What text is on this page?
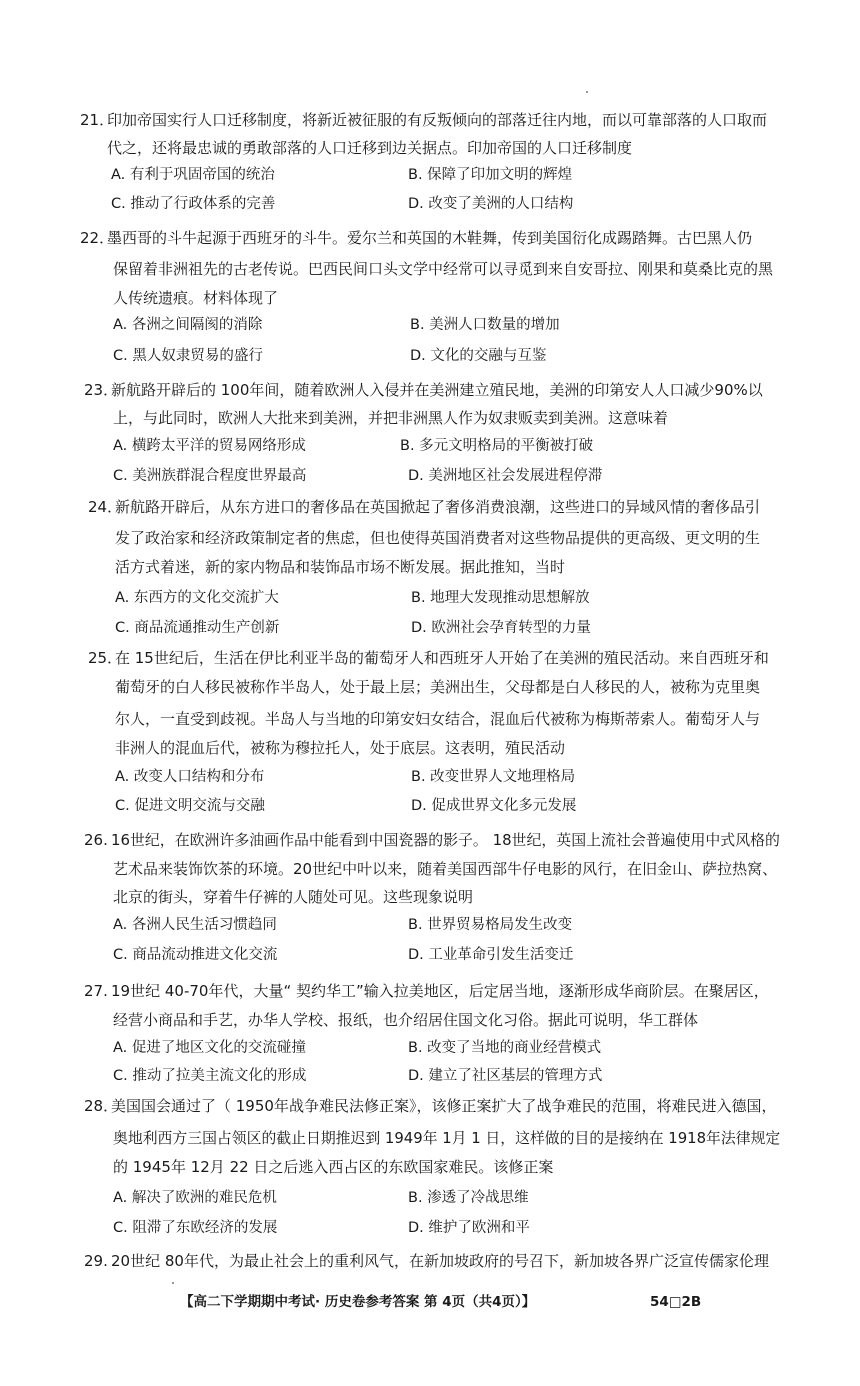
21．
印加帝国实行人口迁移制度，将新近被征服的有反叛倾向的部落迁往内地，而以可靠部落的人口取而
代之，还将最忠诚的勇敢部落的人口迁移到边关据点。印加帝国的人口迁移制度
A. 有利于巩固帝国的统治	B. 保障了印加文明的辉煌
C. 推动了行政体系的完善	D. 改变了美洲的人口结构
22．
墨西哥的斗牛起源于西班牙的斗牛。爱尔兰和英国的木鞋舞，传到美国衍化成踢踏舞。古巴黑人仍
保留着非洲祖先的古老传说。巴西民间口头文学中经常可以寻觅到来自安哥拉、刚果和莫桑比克的黑
人传统遗痕。材料体现了
A. 各洲之间隔阂的消除	B. 美洲人口数量的增加
C. 黑人奴隶贸易的盛行	D. 文化的交融与互鉴
23．
新航路开辟后的 100年间，随着欧洲人入侵并在美洲建立殖民地，美洲的印第安人人口减少90%以
上，与此同时，欧洲人大批来到美洲，并把非洲黑人作为奴隶贩卖到美洲。这意味着
A. 横跨太平洋的贸易网络形成	B. 多元文明格局的平衡被打破
C. 美洲族群混合程度世界最高	D. 美洲地区社会发展进程停滞
24．
新航路开辟后，从东方进口的奢侈品在英国掀起了奢侈消费浪潮，这些进口的异域风情的奢侈品引
发了政治家和经济政策制定者的焦虑，但也使得英国消费者对这些物品提供的更高级、更文明的生
活方式着迷，新的家内物品和装饰品市场不断发展。据此推知，当时
A. 东西方的文化交流扩大	B. 地理大发现推动思想解放
C. 商品流通推动生产创新	D. 欧洲社会孕育转型的力量
25．
在 15世纪后，生活在伊比利亚半岛的葡萄牙人和西班牙人开始了在美洲的殖民活动。来自西班牙和
葡萄牙的白人移民被称作半岛人，处于最上层；美洲出生，父母都是白人移民的人，被称为克里奥
尔人，一直受到歧视。半岛人与当地的印第安妇女结合，混血后代被称为梅斯蒂索人。葡萄牙人与
非洲人的混血后代，被称为穆拉托人，处于底层。这表明，殖民活动
A. 改变人口结构和分布	B. 改变世界人文地理格局
C. 促进文明交流与交融	D. 促成世界文化多元发展
26. 16世纪，在欧洲许多油画作品中能看到中国瓷器的影子。 18世纪，英国上流社会普遍使用中式风格的
艺术品来装饰饮茶的环境。20世纪中叶以来，随着美国西部牛仔电影的风行，在旧金山、萨拉热窝、
北京的街头，穿着牛仔裤的人随处可见。这些现象说明
A. 各洲人民生活习惯趋同	B. 世界贸易格局发生改变
C. 商品流动推进文化交流	D. 工业革命引发生活变迁
27. 19世纪 40-70年代，大量“ 契约华工”输入拉美地区，后定居当地，逐渐形成华商阶层。在聚居区，
经营小商品和手艺，办华人学校、报纸，也介绍居住国文化习俗。据此可说明，华工群体
A. 促进了地区文化的交流碰撞	B. 改变了当地的商业经营模式
C. 推动了拉美主流文化的形成	D. 建立了社区基层的管理方式
28．
美国国会通过了（ 1950年战争难民法修正案》，该修正案扩大了战争难民的范围，将难民进入德国，
奥地利西方三国占领区的截止日期推迟到 1949年 1月 1 日，这样做的目的是接纳在 1918年法律规定
的 1945年 12月 22 日之后逃入西占区的东欧国家难民。该修正案
A. 解决了欧洲的难民危机	B. 渗透了冷战思维
C. 阻滞了东欧经济的发展	D. 维护了欧洲和平
29. 20世纪 80年代，为最止社会上的重利风气，在新加坡政府的号召下，新加坡各界广泛宣传儒家伦理
【高二下学期期中考试· 历史卷参考答案 第 4页（共4页）】	54□2B
